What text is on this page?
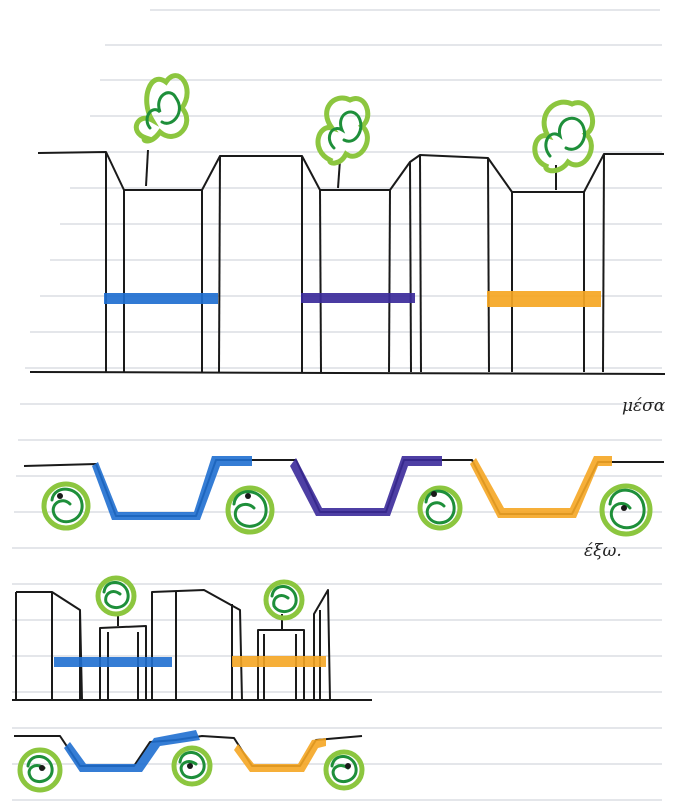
μέσα
έξω.
